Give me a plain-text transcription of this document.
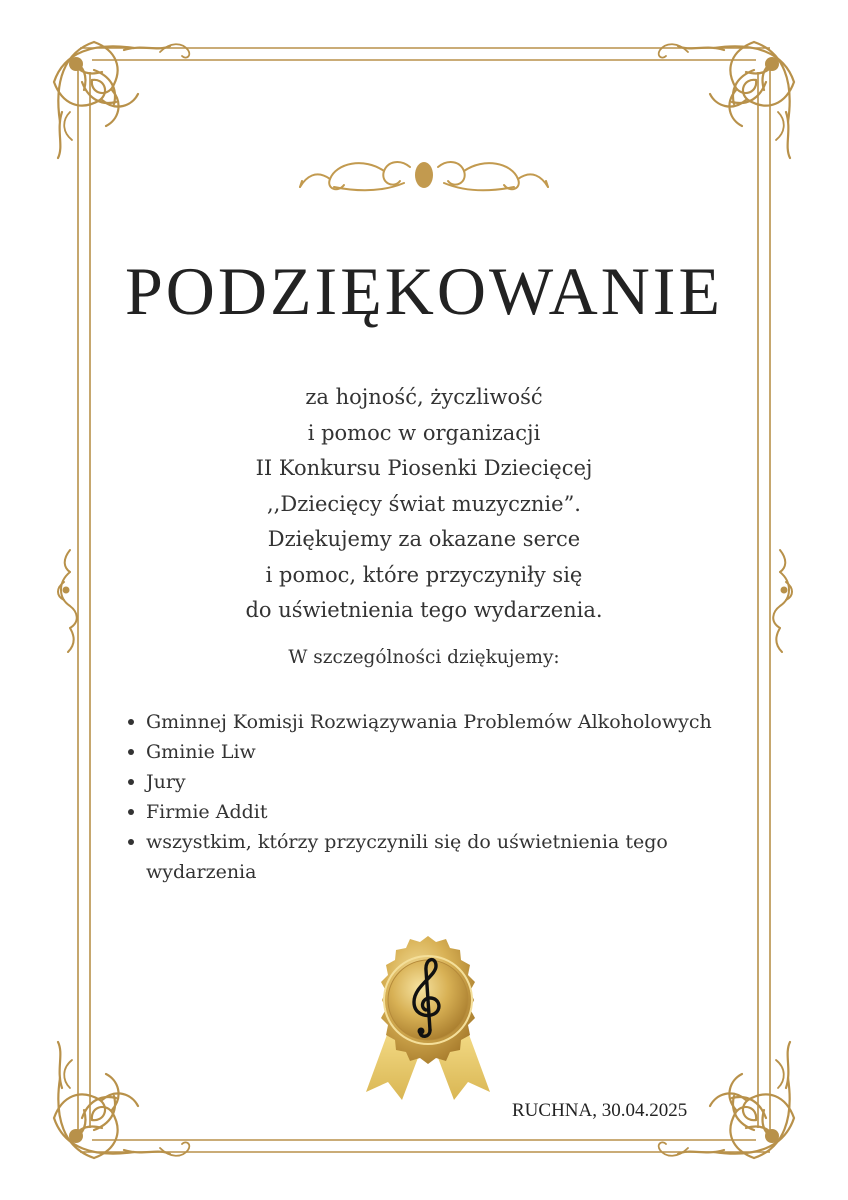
PODZIĘKOWANIE
za hojność, życzliwość
i pomoc w organizacji
II Konkursu Piosenki Dziecięcej
,,Dziecięcy świat muzycznie”.
Dziękujemy za okazane serce
i pomoc, które przyczyniły się
do uświetnienia tego wydarzenia.
W szczególności dziękujemy:
Gminnej Komisji Rozwiązywania Problemów Alkoholowych
Gminie Liw
Jury
Firmie Addit
wszystkim, którzy przyczynili się do uświetnienia tego wydarzenia
RUCHNA, 30.04.2025
